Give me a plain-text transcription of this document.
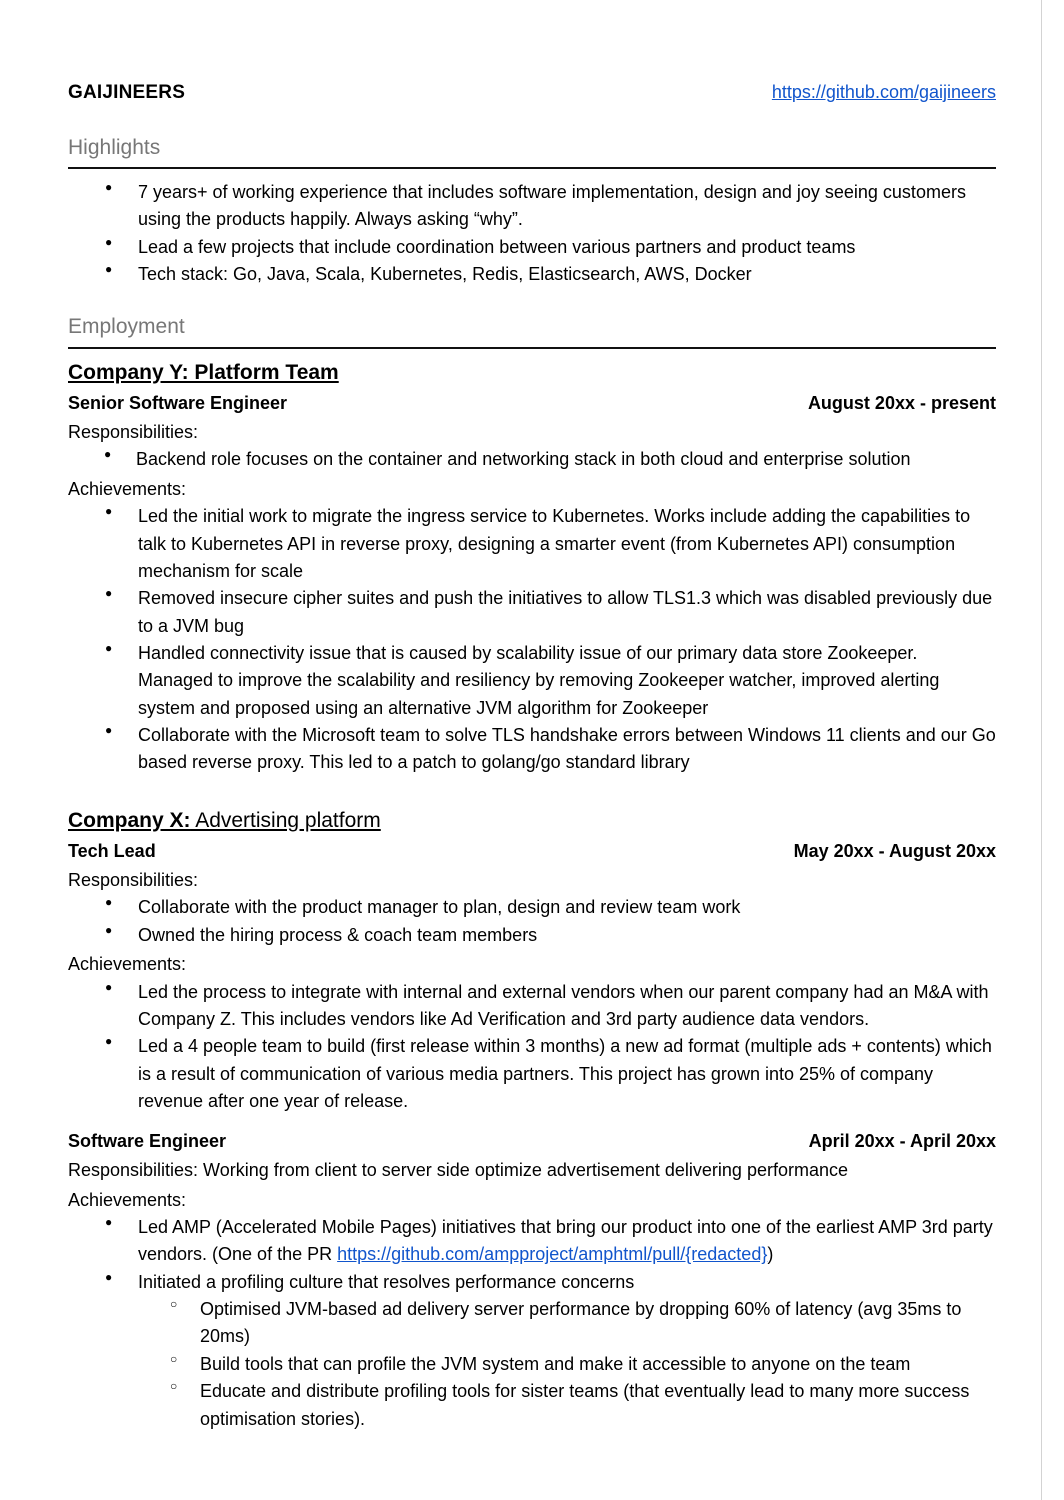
GAIJINEERS	https://github.com/gaijineers
Highlights
● 7 years+ of working experience that includes software implementation, design and joy seeing customers using the products happily. Always asking “why”.
● Lead a few projects that include coordination between various partners and product teams
● Tech stack: Go, Java, Scala, Kubernetes, Redis, Elasticsearch, AWS, Docker
Employment
Company Y: Platform Team
Senior Software Engineer	August 20xx - present
Responsibilities:
● Backend role focuses on the container and networking stack in both cloud and enterprise solution
Achievements:
● Led the initial work to migrate the ingress service to Kubernetes. Works include adding the capabilities to talk to Kubernetes API in reverse proxy, designing a smarter event (from Kubernetes API) consumption mechanism for scale
● Removed insecure cipher suites and push the initiatives to allow TLS1.3 which was disabled previously due to a JVM bug
● Handled connectivity issue that is caused by scalability issue of our primary data store Zookeeper. Managed to improve the scalability and resiliency by removing Zookeeper watcher, improved alerting system and proposed using an alternative JVM algorithm for Zookeeper
● Collaborate with the Microsoft team to solve TLS handshake errors between Windows 11 clients and our Go based reverse proxy. This led to a patch to golang/go standard library
Company X: Advertising platform
Tech Lead	May 20xx - August 20xx
Responsibilities:
● Collaborate with the product manager to plan, design and review team work
● Owned the hiring process & coach team members
Achievements:
● Led the process to integrate with internal and external vendors when our parent company had an M&A with Company Z. This includes vendors like Ad Verification and 3rd party audience data vendors.
● Led a 4 people team to build (first release within 3 months) a new ad format (multiple ads + contents) which is a result of communication of various media partners. This project has grown into 25% of company revenue after one year of release.
Software Engineer	April 20xx - April 20xx
Responsibilities: Working from client to server side optimize advertisement delivering performance
Achievements:
● Led AMP (Accelerated Mobile Pages) initiatives that bring our product into one of the earliest AMP 3rd party vendors. (One of the PR https://github.com/ampproject/amphtml/pull/{redacted})
● Initiated a profiling culture that resolves performance concerns
○ Optimised JVM-based ad delivery server performance by dropping 60% of latency (avg 35ms to 20ms)
○ Build tools that can profile the JVM system and make it accessible to anyone on the team
○ Educate and distribute profiling tools for sister teams (that eventually lead to many more success optimisation stories).
